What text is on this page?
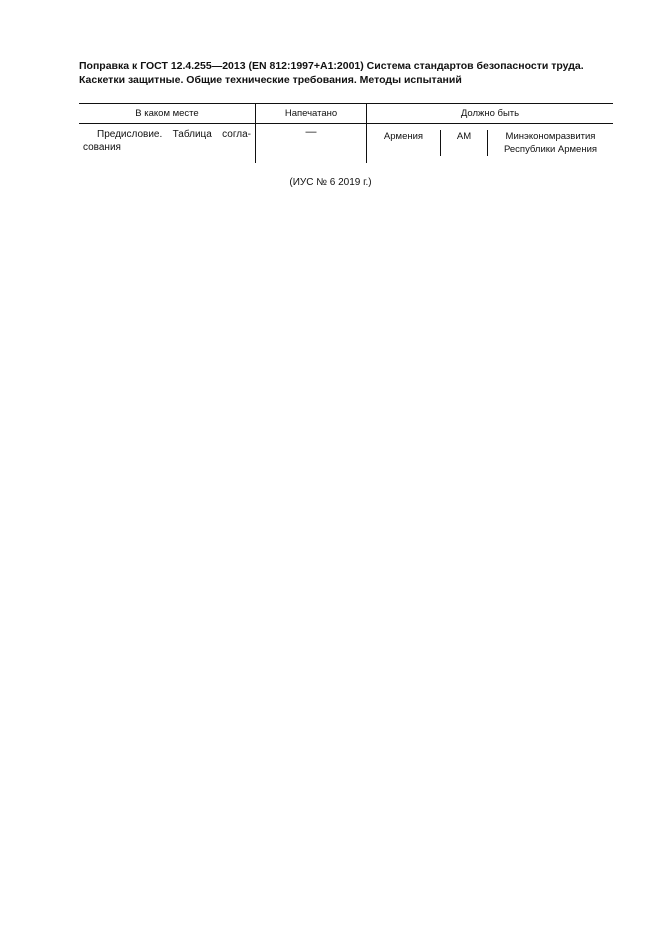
Поправка к ГОСТ 12.4.255—2013 (EN 812:1997+A1:2001) Система стандартов безопасности труда.
Каскетки защитные. Общие технические требования. Методы испытаний
В каком месте	Напечатано	Должно быть
Предисловие. Таблица согла-
сования
—	Армения	AM	Минэкономразвития
Республики Армения
(ИУС № 6 2019 г.)
